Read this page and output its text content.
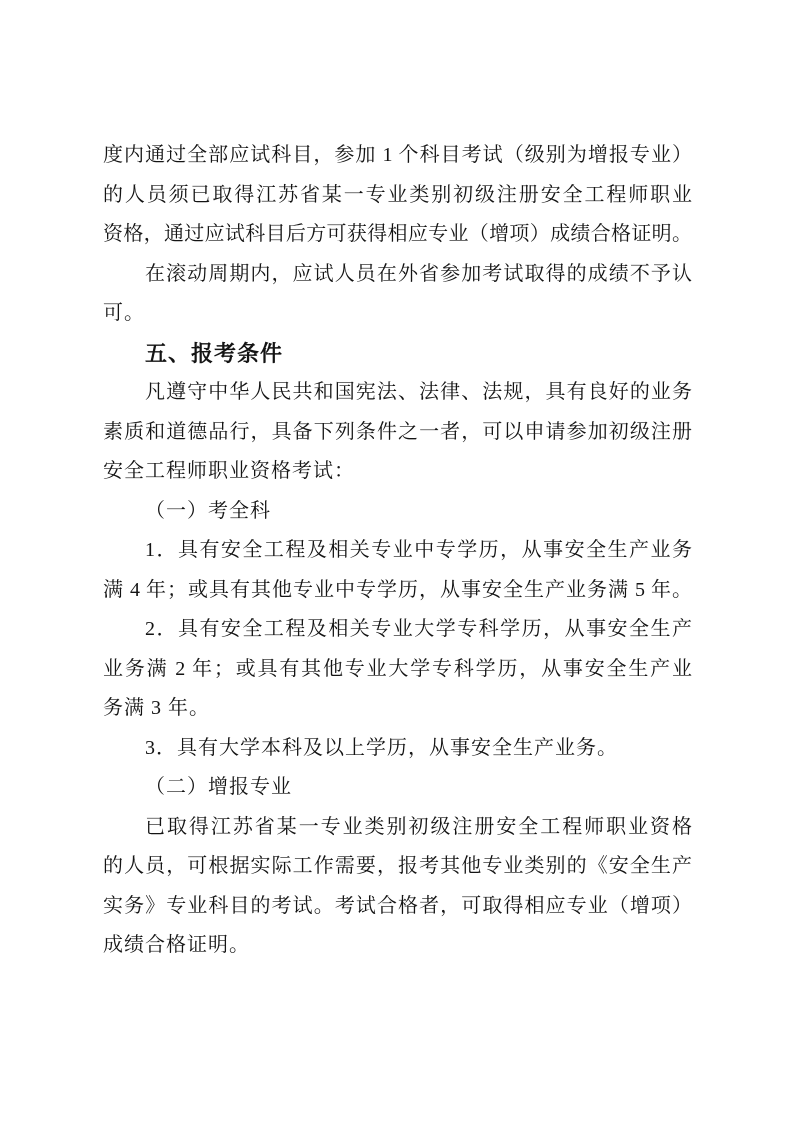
度内通过全部应试科目，参加 1 个科目考试（级别为增报专业）
的人员须已取得江苏省某一专业类别初级注册安全工程师职业
资格，通过应试科目后方可获得相应专业（增项）成绩合格证明。
在滚动周期内，应试人员在外省参加考试取得的成绩不予认
可。
五、报考条件
凡遵守中华人民共和国宪法、法律、法规，具有良好的业务
素质和道德品行，具备下列条件之一者，可以申请参加初级注册
安全工程师职业资格考试：
（一）考全科
1．具有安全工程及相关专业中专学历，从事安全生产业务
满 4 年；或具有其他专业中专学历，从事安全生产业务满 5 年。
2．具有安全工程及相关专业大学专科学历，从事安全生产
业务满 2 年；或具有其他专业大学专科学历，从事安全生产业
务满 3 年。
3．具有大学本科及以上学历，从事安全生产业务。
（二）增报专业
已取得江苏省某一专业类别初级注册安全工程师职业资格
的人员，可根据实际工作需要，报考其他专业类别的《安全生产
实务》专业科目的考试。考试合格者，可取得相应专业（增项）
成绩合格证明。
